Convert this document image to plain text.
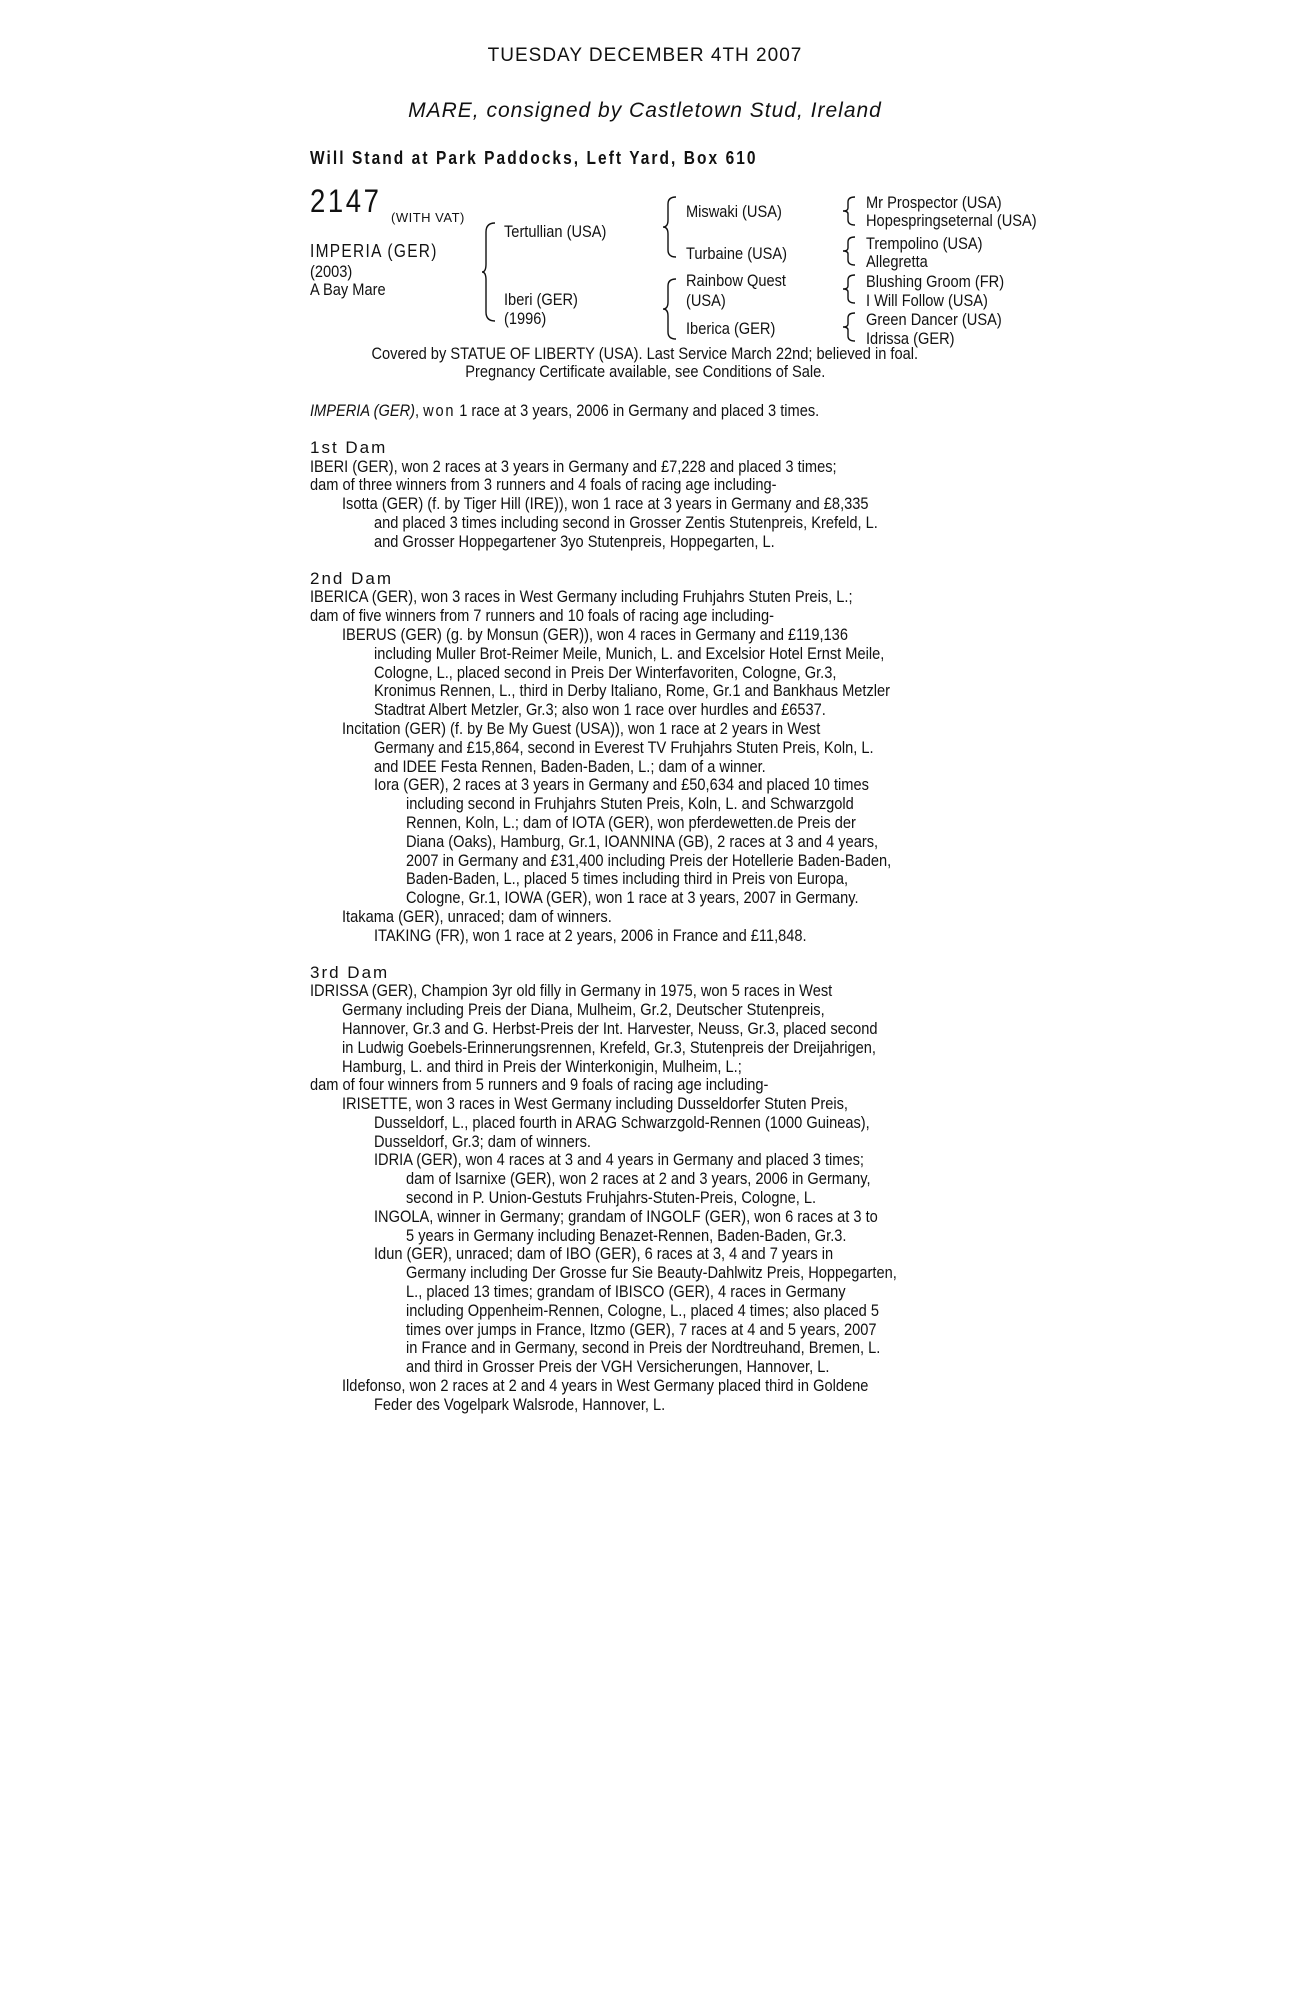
TUESDAY DECEMBER 4TH 2007
MARE, consigned by Castletown Stud, Ireland
Will Stand at Park Paddocks, Left Yard, Box 610
2147 (WITH VAT)
IMPERIA (GER)
(2003)
A Bay Mare
Tertullian (USA)
Iberi (GER)
(1996)
Miswaki (USA)
Turbaine (USA)
Rainbow Quest
(USA)
Iberica (GER)
Mr Prospector (USA)
Hopespringseternal (USA)
Trempolino (USA)
Allegretta
Blushing Groom (FR)
I Will Follow (USA)
Green Dancer (USA)
Idrissa (GER)
Covered by STATUE OF LIBERTY (USA). Last Service March 22nd; believed in foal.
Pregnancy Certificate available, see Conditions of Sale.

IMPERIA (GER), won 1 race at 3 years, 2006 in Germany and placed 3 times.

1st Dam

IBERI (GER), won 2 races at 3 years in Germany and £7,228 and placed 3 times;

dam of three winners from 3 runners and 4 foals of racing age including-

Isotta (GER) (f. by Tiger Hill (IRE)), won 1 race at 3 years in Germany and £8,335

and placed 3 times including second in Grosser Zentis Stutenpreis, Krefeld, L.

and Grosser Hoppegartener 3yo Stutenpreis, Hoppegarten, L.

2nd Dam

IBERICA (GER), won 3 races in West Germany including Fruhjahrs Stuten Preis, L.;

dam of five winners from 7 runners and 10 foals of racing age including-

IBERUS (GER) (g. by Monsun (GER)), won 4 races in Germany and £119,136

including Muller Brot-Reimer Meile, Munich, L. and Excelsior Hotel Ernst Meile,

Cologne, L., placed second in Preis Der Winterfavoriten, Cologne, Gr.3,

Kronimus Rennen, L., third in Derby Italiano, Rome, Gr.1 and Bankhaus Metzler

Stadtrat Albert Metzler, Gr.3; also won 1 race over hurdles and £6537.

Incitation (GER) (f. by Be My Guest (USA)), won 1 race at 2 years in West

Germany and £15,864, second in Everest TV Fruhjahrs Stuten Preis, Koln, L.

and IDEE Festa Rennen, Baden-Baden, L.; dam of a winner.

Iora (GER), 2 races at 3 years in Germany and £50,634 and placed 10 times

including second in Fruhjahrs Stuten Preis, Koln, L. and Schwarzgold

Rennen, Koln, L.; dam of IOTA (GER), won pferdewetten.de Preis der

Diana (Oaks), Hamburg, Gr.1, IOANNINA (GB), 2 races at 3 and 4 years,

2007 in Germany and £31,400 including Preis der Hotellerie Baden-Baden,

Baden-Baden, L., placed 5 times including third in Preis von Europa,

Cologne, Gr.1, IOWA (GER), won 1 race at 3 years, 2007 in Germany.

Itakama (GER), unraced; dam of winners.

ITAKING (FR), won 1 race at 2 years, 2006 in France and £11,848.

3rd Dam

IDRISSA (GER), Champion 3yr old filly in Germany in 1975, won 5 races in West

Germany including Preis der Diana, Mulheim, Gr.2, Deutscher Stutenpreis,

Hannover, Gr.3 and G. Herbst-Preis der Int. Harvester, Neuss, Gr.3, placed second

in Ludwig Goebels-Erinnerungsrennen, Krefeld, Gr.3, Stutenpreis der Dreijahrigen,

Hamburg, L. and third in Preis der Winterkonigin, Mulheim, L.;

dam of four winners from 5 runners and 9 foals of racing age including-

IRISETTE, won 3 races in West Germany including Dusseldorfer Stuten Preis,

Dusseldorf, L., placed fourth in ARAG Schwarzgold-Rennen (1000 Guineas),

Dusseldorf, Gr.3; dam of winners.

IDRIA (GER), won 4 races at 3 and 4 years in Germany and placed 3 times;

dam of Isarnixe (GER), won 2 races at 2 and 3 years, 2006 in Germany,

second in P. Union-Gestuts Fruhjahrs-Stuten-Preis, Cologne, L.

INGOLA, winner in Germany; grandam of INGOLF (GER), won 6 races at 3 to

5 years in Germany including Benazet-Rennen, Baden-Baden, Gr.3.

Idun (GER), unraced; dam of IBO (GER), 6 races at 3, 4 and 7 years in

Germany including Der Grosse fur Sie Beauty-Dahlwitz Preis, Hoppegarten,

L., placed 13 times; grandam of IBISCO (GER), 4 races in Germany

including Oppenheim-Rennen, Cologne, L., placed 4 times; also placed 5

times over jumps in France, Itzmo (GER), 7 races at 4 and 5 years, 2007

in France and in Germany, second in Preis der Nordtreuhand, Bremen, L.

and third in Grosser Preis der VGH Versicherungen, Hannover, L.

Ildefonso, won 2 races at 2 and 4 years in West Germany placed third in Goldene

Feder des Vogelpark Walsrode, Hannover, L.
